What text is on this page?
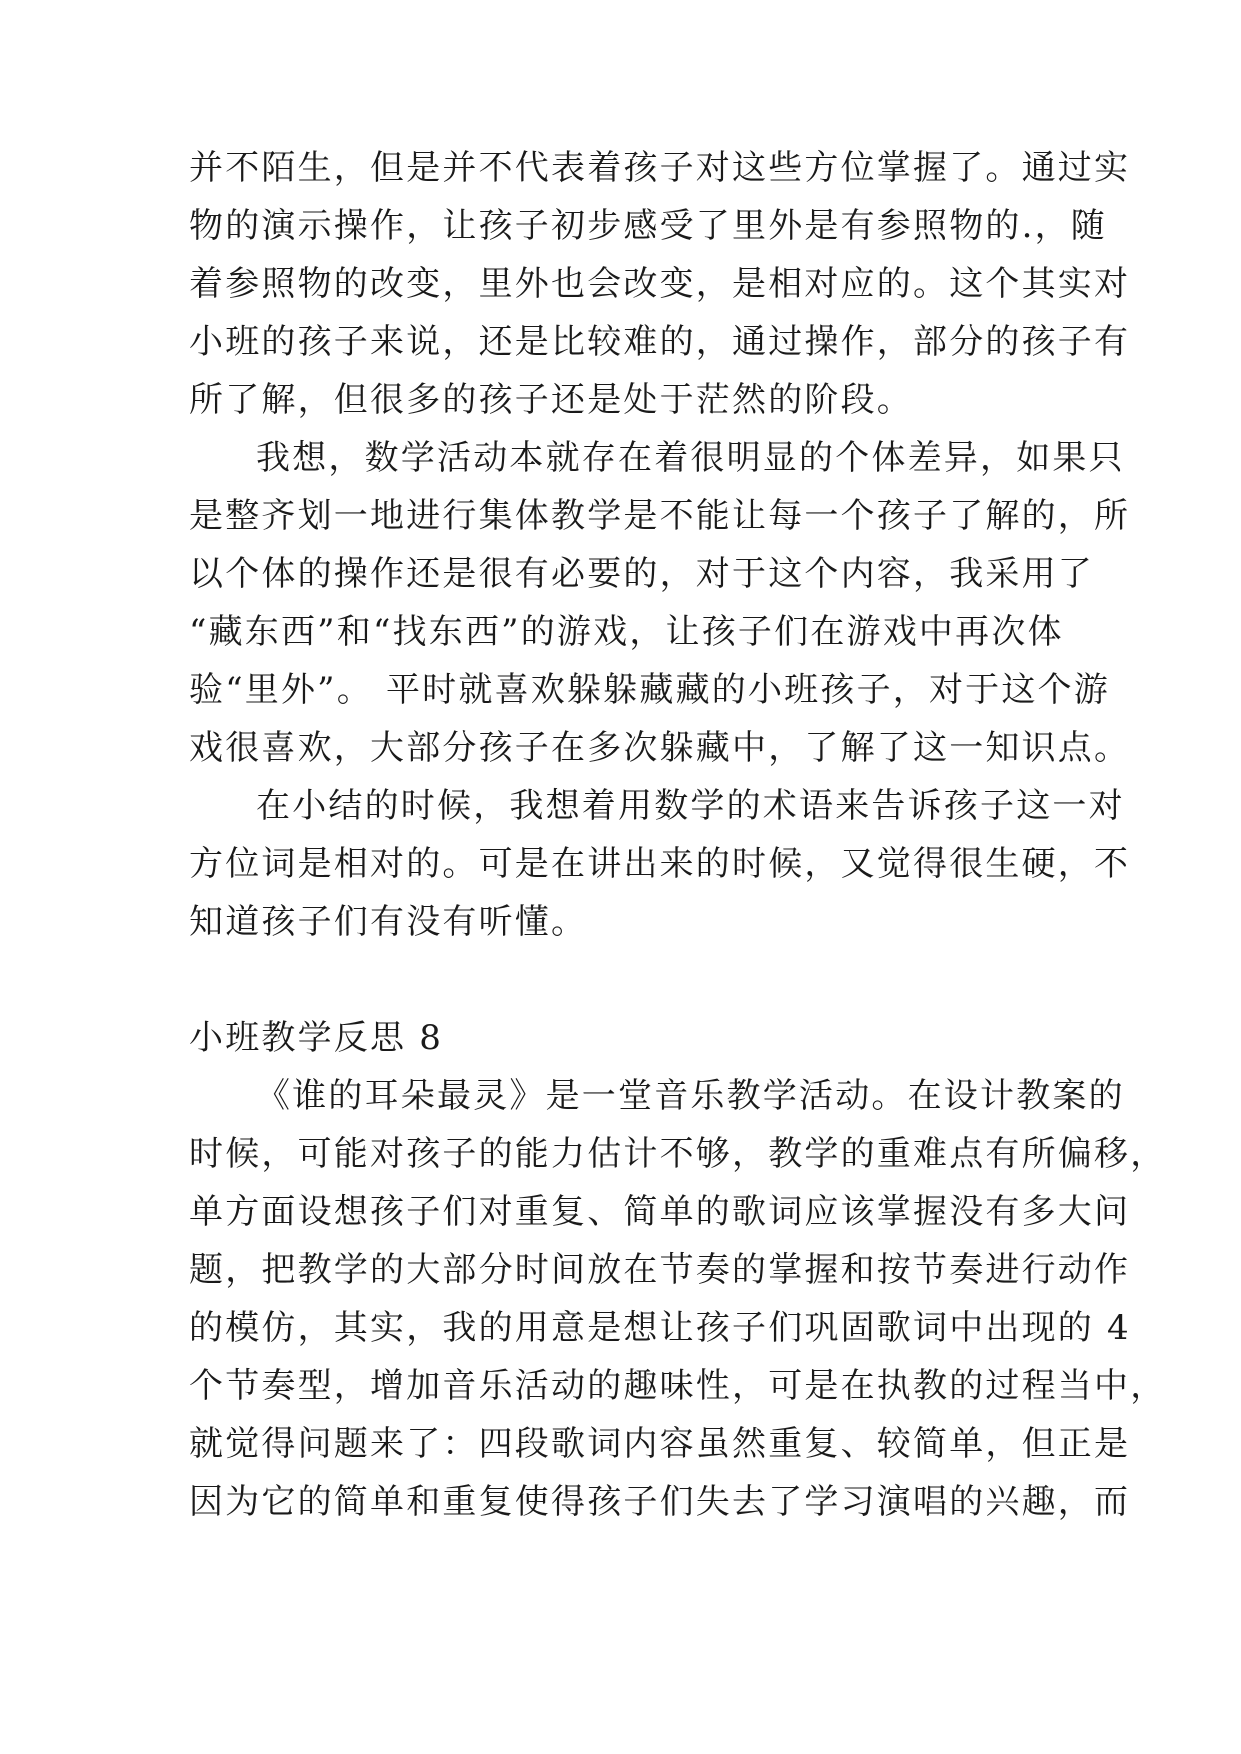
并不陌生，但是并不代表着孩子对这些方位掌握了。通过实
物的演示操作，让孩子初步感受了里外是有参照物的.，随
着参照物的改变，里外也会改变，是相对应的。这个其实对
小班的孩子来说，还是比较难的，通过操作，部分的孩子有
所了解，但很多的孩子还是处于茫然的阶段。
我想，数学活动本就存在着很明显的个体差异，如果只
是整齐划一地进行集体教学是不能让每一个孩子了解的，所
以个体的操作还是很有必要的，对于这个内容，我采用了
“藏东西”和“找东西”的游戏，让孩子们在游戏中再次体
验“里外”。 平时就喜欢躲躲藏藏的小班孩子，对于这个游
戏很喜欢，大部分孩子在多次躲藏中，了解了这一知识点。
在小结的时候，我想着用数学的术语来告诉孩子这一对
方位词是相对的。可是在讲出来的时候，又觉得很生硬，不
知道孩子们有没有听懂。
小班教学反思 8
《谁的耳朵最灵》是一堂音乐教学活动。在设计教案的
时候，可能对孩子的能力估计不够，教学的重难点有所偏移，
单方面设想孩子们对重复、简单的歌词应该掌握没有多大问
题，把教学的大部分时间放在节奏的掌握和按节奏进行动作
的模仿，其实，我的用意是想让孩子们巩固歌词中出现的 4
个节奏型，增加音乐活动的趣味性，可是在执教的过程当中，
就觉得问题来了：四段歌词内容虽然重复、较简单，但正是
因为它的简单和重复使得孩子们失去了学习演唱的兴趣，而
